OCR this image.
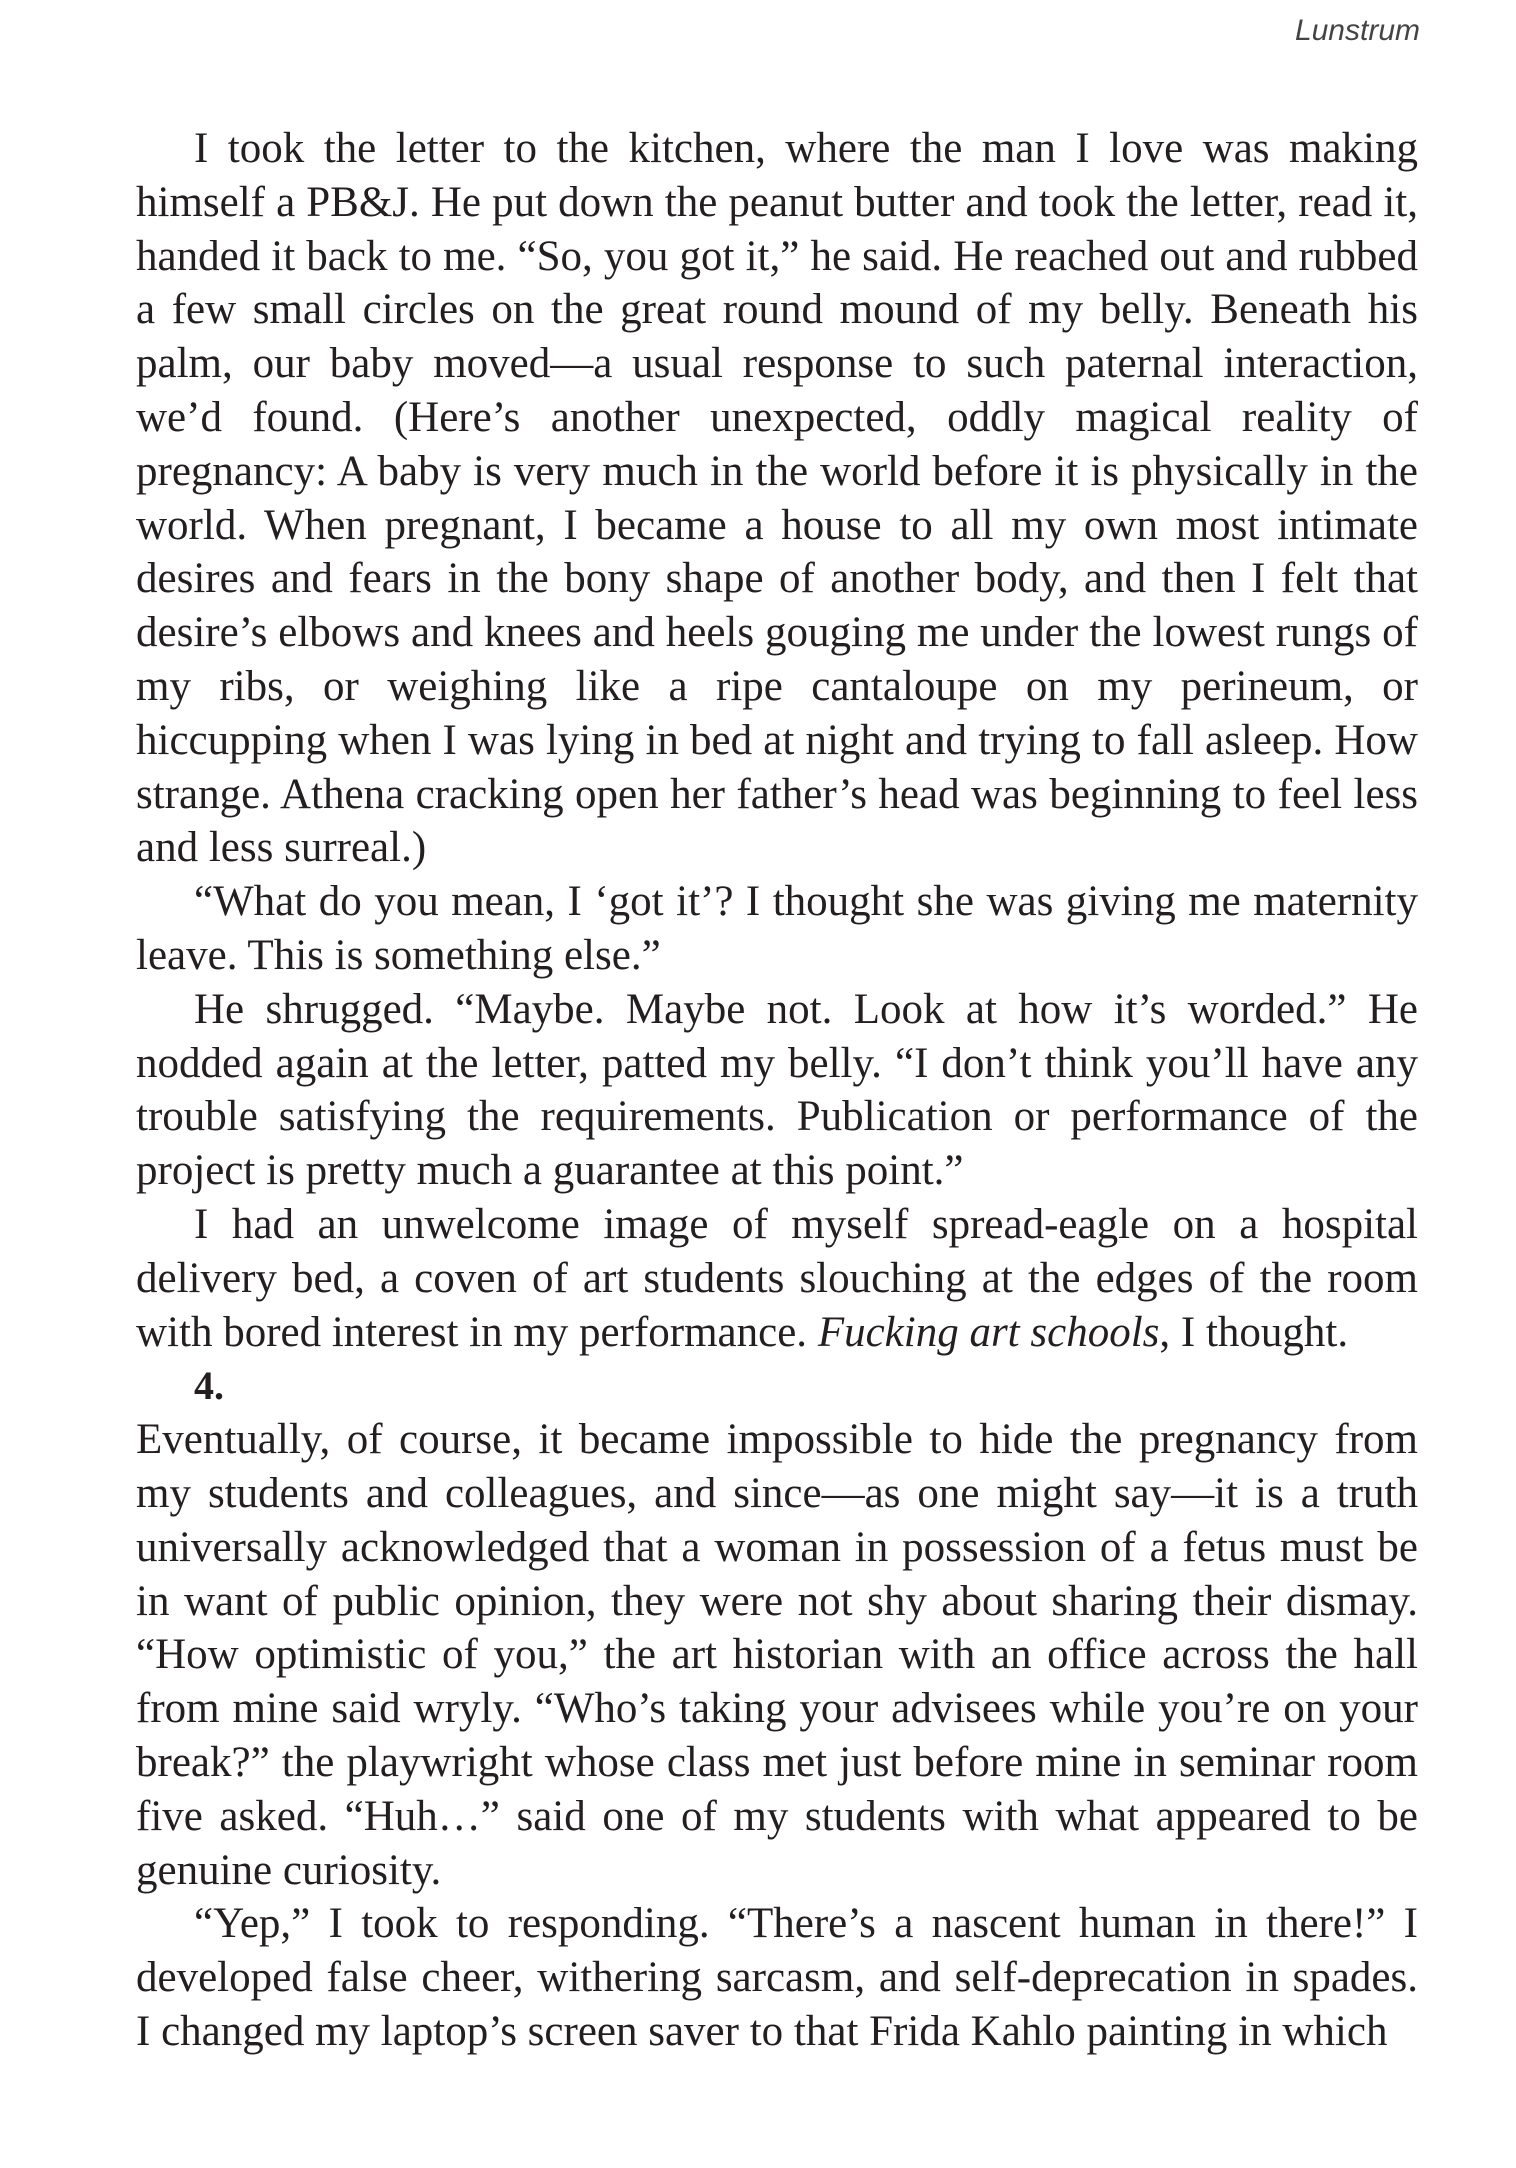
Lunstrum

I took the letter to the kitchen, where the man I love was making himself a PB&J. He put down the peanut butter and took the letter, read it, handed it back to me. “So, you got it,” he said. He reached out and rubbed a few small circles on the great round mound of my belly. Beneath his palm, our baby moved—a usual response to such paternal interaction, we’d found. (Here’s another unexpected, oddly magical reality of pregnancy: A baby is very much in the world before it is physically in the world. When pregnant, I became a house to all my own most intimate desires and fears in the bony shape of another body, and then I felt that desire’s elbows and knees and heels gouging me under the lowest rungs of my ribs, or weighing like a ripe cantaloupe on my perineum, or hiccupping when I was lying in bed at night and trying to fall asleep. How strange. Athena cracking open her father’s head was beginning to feel less and less surreal.)

“What do you mean, I ‘got it’? I thought she was giving me maternity leave. This is something else.”

He shrugged. “Maybe. Maybe not. Look at how it’s worded.” He nodded again at the letter, patted my belly. “I don’t think you’ll have any trouble satisfying the requirements. Publication or performance of the project is pretty much a guarantee at this point.”

I had an unwelcome image of myself spread-eagle on a hospital delivery bed, a coven of art students slouching at the edges of the room with bored interest in my performance. Fucking art schools, I thought.

4.

Eventually, of course, it became impossible to hide the pregnancy from my students and colleagues, and since—as one might say—it is a truth universally acknowledged that a woman in possession of a fetus must be in want of public opinion, they were not shy about sharing their dismay. “How optimistic of you,” the art historian with an office across the hall from mine said wryly. “Who’s taking your advisees while you’re on your break?” the playwright whose class met just before mine in seminar room five asked. “Huh…” said one of my students with what appeared to be genuine curiosity.

“Yep,” I took to responding. “There’s a nascent human in there!” I developed false cheer, withering sarcasm, and self-deprecation in spades. I changed my laptop’s screen saver to that Frida Kahlo painting in which
